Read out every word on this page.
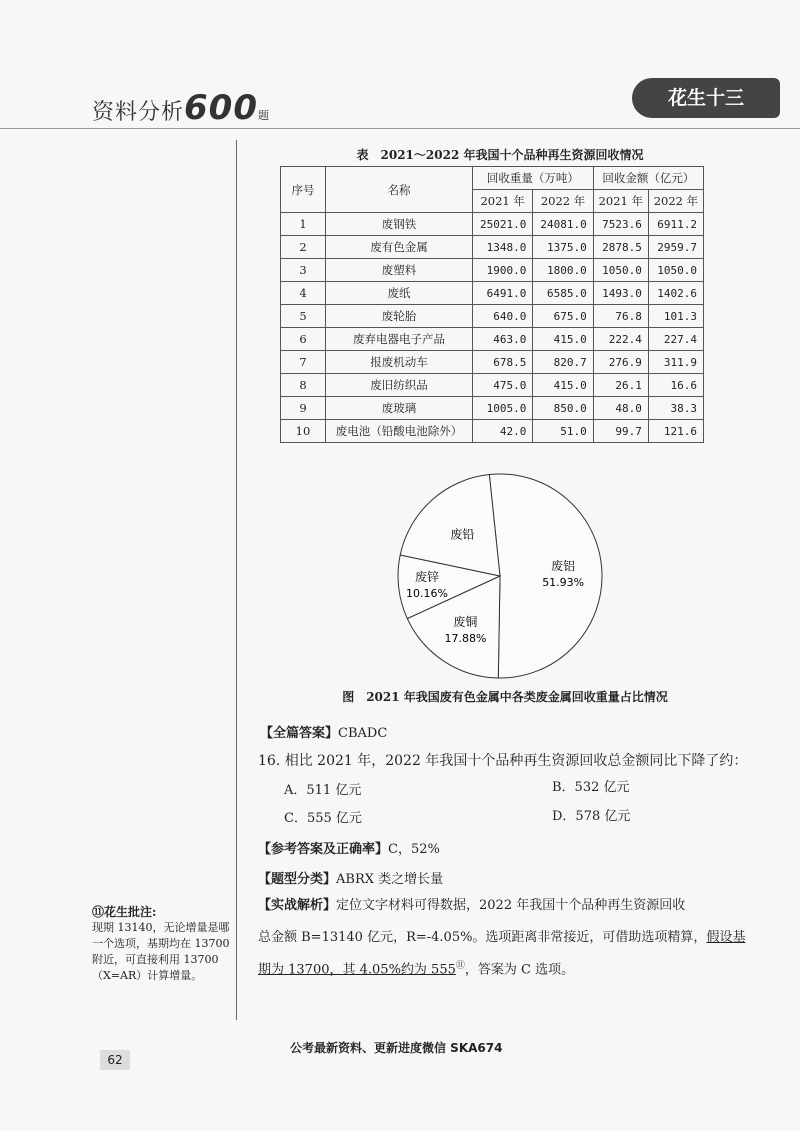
资料分析600题
花生十三
表　2021～2022 年我国十个品种再生资源回收情况
序号	名称	回收重量（万吨）		回收金额（亿元）	
		2021 年	2022 年	2021 年	2022 年
1	废钢铁	25021.0	24081.0	7523.6	6911.2
2	废有色金属	1348.0	1375.0	2878.5	2959.7
3	废塑料	1900.0	1800.0	1050.0	1050.0
4	废纸	6491.0	6585.0	1493.0	1402.6
5	废轮胎	640.0	675.0	76.8	101.3
6	废弃电器电子产品	463.0	415.0	222.4	227.4
7	报废机动车	678.5	820.7	276.9	311.9
8	废旧纺织品	475.0	415.0	26.1	16.6
9	废玻璃	1005.0	850.0	48.0	38.3
10	废电池（铅酸电池除外）	42.0	51.0	99.7	121.6
废铝
51.93%
废铜
17.88%
废锌
10.16%
废铅
图　2021 年我国废有色金属中各类废金属回收重量占比情况
【全篇答案】CBADC
16. 相比 2021 年，2022 年我国十个品种再生资源回收总金额同比下降了约：
A．511 亿元	B．532 亿元
C．555 亿元	D．578 亿元
【参考答案及正确率】C，52%
【题型分类】ABRX 类之增长量
【实战解析】定位文字材料可得数据，2022 年我国十个品种再生资源回收
总金额 B=13140 亿元，R=-4.05%。选项距离非常接近，可借助选项精算，假设基
期为 13700，其 4.05%约为 555⑪，答案为 C 选项。
⑪花生批注:
现期 13140，无论增量是哪一个选项，基期均在 13700 附近，可直接利用 13700（X=AR）计算增量。
公考最新资料、更新进度微信 SKA674
62
